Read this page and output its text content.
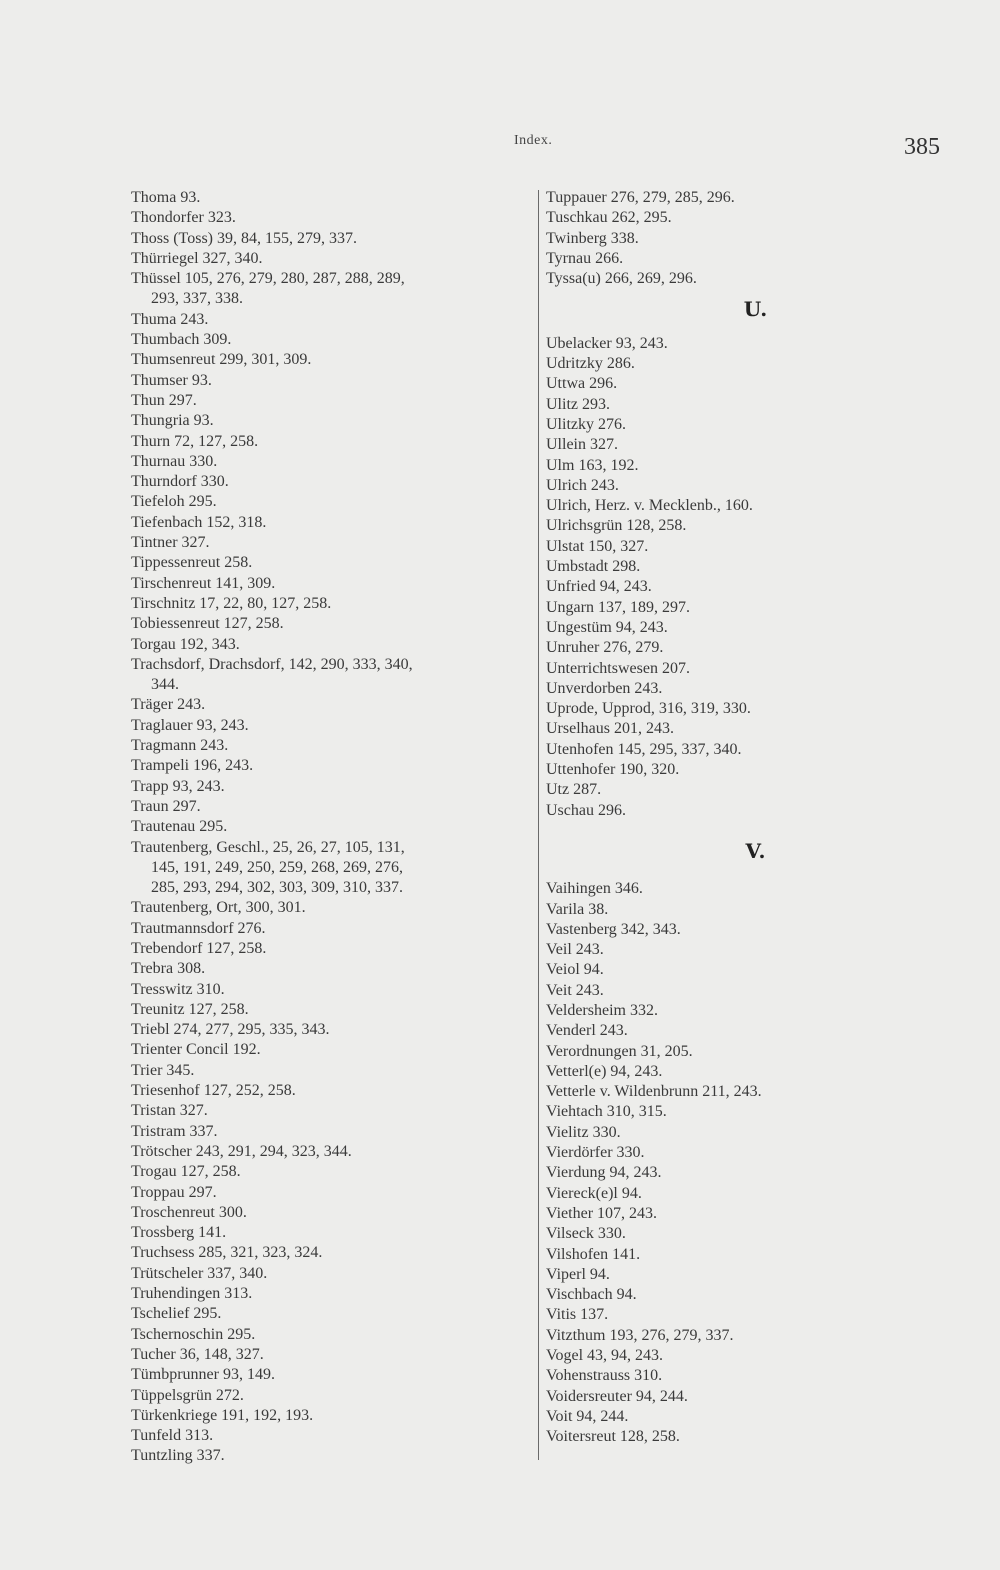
Index.	385
Thoma 93.
Thondorfer 323.
Thoss (Toss) 39, 84, 155, 279, 337.
Thürriegel 327, 340.
Thüssel 105, 276, 279, 280, 287, 288, 289,
293, 337, 338.
Thuma 243.
Thumbach 309.
Thumsenreut 299, 301, 309.
Thumser 93.
Thun 297.
Thungria 93.
Thurn 72, 127, 258.
Thurnau 330.
Thurndorf 330.
Tiefeloh 295.
Tiefenbach 152, 318.
Tintner 327.
Tippessenreut 258.
Tirschenreut 141, 309.
Tirschnitz 17, 22, 80, 127, 258.
Tobiessenreut 127, 258.
Torgau 192, 343.
Trachsdorf, Drachsdorf, 142, 290, 333, 340,
344.
Träger 243.
Traglauer 93, 243.
Tragmann 243.
Trampeli 196, 243.
Trapp 93, 243.
Traun 297.
Trautenau 295.
Trautenberg, Geschl., 25, 26, 27, 105, 131,
145, 191, 249, 250, 259, 268, 269, 276,
285, 293, 294, 302, 303, 309, 310, 337.
Trautenberg, Ort, 300, 301.
Trautmannsdorf 276.
Trebendorf 127, 258.
Trebra 308.
Tresswitz 310.
Treunitz 127, 258.
Triebl 274, 277, 295, 335, 343.
Trienter Concil 192.
Trier 345.
Triesenhof 127, 252, 258.
Tristan 327.
Tristram 337.
Trötscher 243, 291, 294, 323, 344.
Trogau 127, 258.
Troppau 297.
Troschenreut 300.
Trossberg 141.
Truchsess 285, 321, 323, 324.
Trütscheler 337, 340.
Truhendingen 313.
Tschelief 295.
Tschernoschin 295.
Tucher 36, 148, 327.
Tümbprunner 93, 149.
Tüppelsgrün 272.
Türkenkriege 191, 192, 193.
Tunfeld 313.
Tuntzling 337.
Tuppauer 276, 279, 285, 296.
Tuschkau 262, 295.
Twinberg 338.
Tyrnau 266.
Tyssa(u) 266, 269, 296.
U.
Ubelacker 93, 243.
Udritzky 286.
Uttwa 296.
Ulitz 293.
Ulitzky 276.
Ullein 327.
Ulm 163, 192.
Ulrich 243.
Ulrich, Herz. v. Mecklenb., 160.
Ulrichsgrün 128, 258.
Ulstat 150, 327.
Umbstadt 298.
Unfried 94, 243.
Ungarn 137, 189, 297.
Ungestüm 94, 243.
Unruher 276, 279.
Unterrichtswesen 207.
Unverdorben 243.
Uprode, Upprod, 316, 319, 330.
Urselhaus 201, 243.
Utenhofen 145, 295, 337, 340.
Uttenhofer 190, 320.
Utz 287.
Uschau 296.
V.
Vaihingen 346.
Varila 38.
Vastenberg 342, 343.
Veil 243.
Veiol 94.
Veit 243.
Veldersheim 332.
Venderl 243.
Verordnungen 31, 205.
Vetterl(e) 94, 243.
Vetterle v. Wildenbrunn 211, 243.
Viehtach 310, 315.
Vielitz 330.
Vierdörfer 330.
Vierdung 94, 243.
Viereck(e)l 94.
Viether 107, 243.
Vilseck 330.
Vilshofen 141.
Viperl 94.
Vischbach 94.
Vitis 137.
Vitzthum 193, 276, 279, 337.
Vogel 43, 94, 243.
Vohenstrauss 310.
Voidersreuter 94, 244.
Voit 94, 244.
Voitersreut 128, 258.
